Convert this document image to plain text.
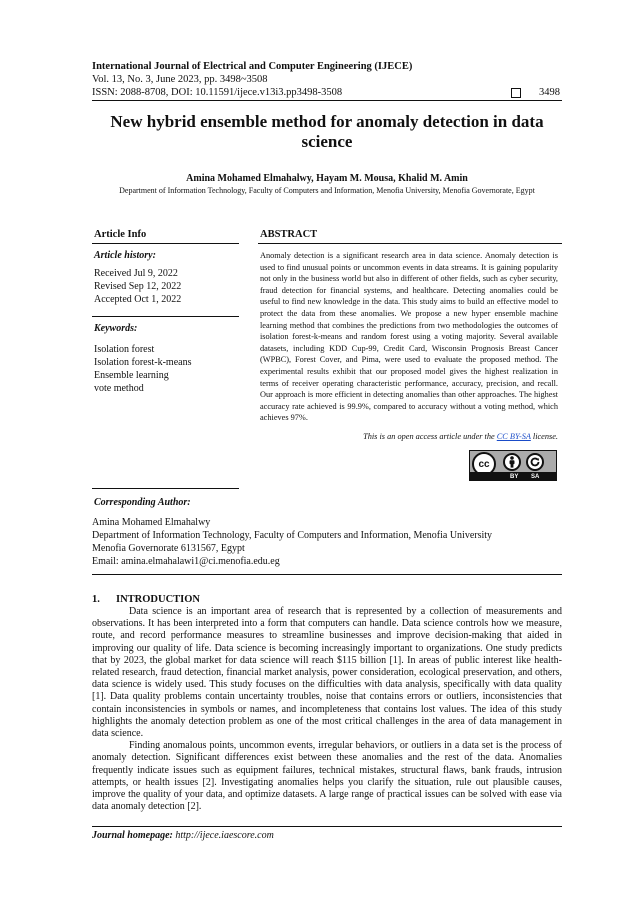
International Journal of Electrical and Computer Engineering (IJECE)
Vol. 13, No. 3, June 2023, pp. 3498~3508
ISSN: 2088-8708, DOI: 10.11591/ijece.v13i3.pp3498-3508	3498
New hybrid ensemble method for anomaly detection in data science
Amina Mohamed Elmahalwy, Hayam M. Mousa, Khalid M. Amin
Department of Information Technology, Faculty of Computers and Information, Menofia University, Menofia Governorate, Egypt
Article Info
Article history:
Received Jul 9, 2022
Revised Sep 12, 2022
Accepted Oct 1, 2022
Keywords:
Isolation forest
Isolation forest-k-means
Ensemble learning
vote method
ABSTRACT
Anomaly detection is a significant research area in data science. Anomaly detection is used to find unusual points or uncommon events in data streams. It is gaining popularity not only in the business world but also in different of other fields, such as cyber security, fraud detection for financial systems, and healthcare. Detecting anomalies could be useful to find new knowledge in the data. This study aims to build an effective model to protect the data from these anomalies. We propose a new hyper ensemble machine learning method that combines the predictions from two methodologies the outcomes of isolation forest-k-means and random forest using a voting majority. Several available datasets, including KDD Cup-99, Credit Card, Wisconsin Prognosis Breast Cancer (WPBC), Forest Cover, and Pima, were used to evaluate the proposed method. The experimental results exhibit that our proposed model gives the highest realization in terms of receiver operating characteristic performance, accuracy, precision, and recall. Our approach is more efficient in detecting anomalies than other approaches. The highest accuracy rate achieved is 99.9%, compared to accuracy without a voting method, which achieves 97%.
This is an open access article under the CC BY-SA license.
cc
BY SA
Corresponding Author:
Amina Mohamed Elmahalwy
Department of Information Technology, Faculty of Computers and Information, Menofia University
Menofia Governorate 6131567, Egypt
Email: amina.elmahalawi1@ci.menofia.edu.eg
1. INTRODUCTION

Data science is an important area of research that is represented by a collection of measurements and observations. It has been interpreted into a form that computers can handle. Data science controls how we measure, route, and record performance measures to streamline businesses and improve decision-making that aided in improving our quality of life. Data science is becoming increasingly important to organizations. One study predicts that by 2023, the global market for data science will reach $115 billion [1]. In areas of public interest like health-related research, fraud detection, financial market analysis, power consideration, ecological preservation, and others, data science is widely used. This study focuses on the difficulties with data analysis, specifically with data quality [1]. Data quality problems contain uncertainty troubles, noise that contains errors or outliers, inconsistencies that contain inconsistencies in symbols or names, and incompleteness that contains lost values. The idea of this study highlights the anomaly detection problem as one of the most critical challenges in the area of data management in data science.

Finding anomalous points, uncommon events, irregular behaviors, or outliers in a data set is the process of anomaly detection. Significant differences exist between these anomalies and the rest of the data. Anomalies frequently indicate issues such as equipment failures, technical mistakes, structural flaws, bank frauds, intrusion attempts, or health issues [2]. Investigating anomalies helps you clarify the situation, rule out plausible causes, improve the quality of your data, and optimize datasets. A large range of practical issues can be solved with ease via data anomaly detection [2].

Journal homepage: http://ijece.iaescore.com
